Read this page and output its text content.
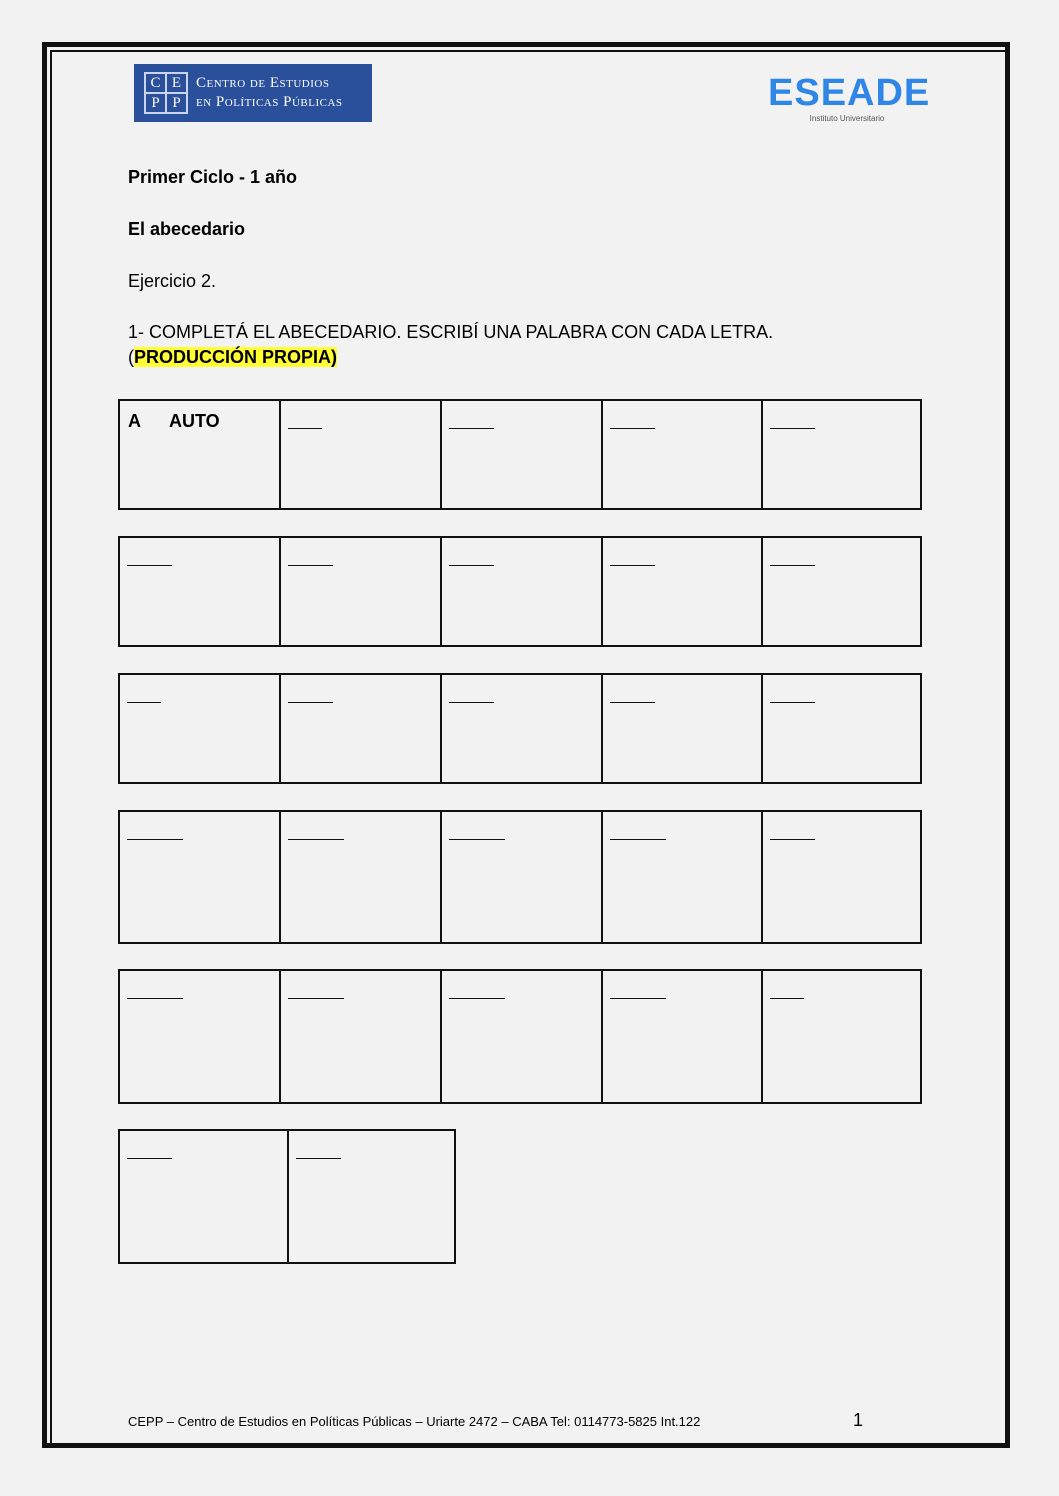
C E
P P
Centro de Estudios
en Políticas Públicas	ESEADE
Instituto Universitario
Primer Ciclo - 1 año
El abecedario
Ejercicio 2.
1- COMPLETÁ EL ABECEDARIO. ESCRIBÍ UNA PALABRA CON CADA LETRA.
(PRODUCCIÓN PROPIA)
A AUTO
CEPP – Centro de Estudios en Políticas Públicas – Uriarte 2472 – CABA Tel: 0114773-5825 Int.122	1
